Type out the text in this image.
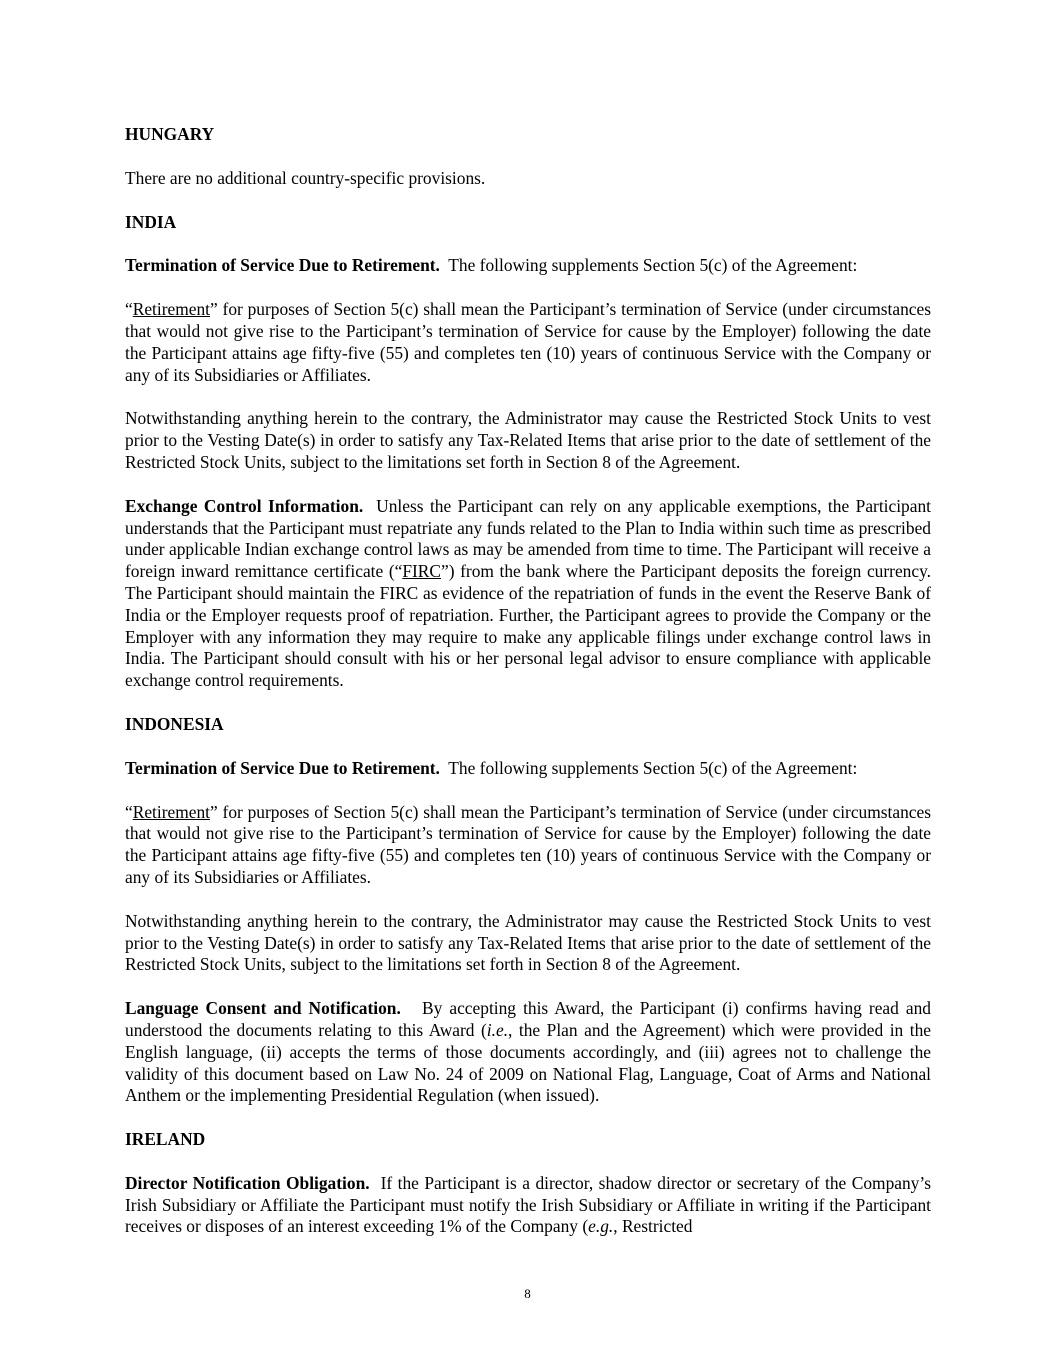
HUNGARY

There are no additional country-specific provisions.

INDIA

Termination of Service Due to Retirement. The following supplements Section 5(c) of the Agreement:

“Retirement” for purposes of Section 5(c) shall mean the Participant’s termination of Service (under circumstances that would not give rise to the Participant’s termination of Service for cause by the Employer) following the date the Participant attains age fifty-five (55) and completes ten (10) years of continuous Service with the Company or any of its Subsidiaries or Affiliates.

Notwithstanding anything herein to the contrary, the Administrator may cause the Restricted Stock Units to vest prior to the Vesting Date(s) in order to satisfy any Tax-Related Items that arise prior to the date of settlement of the Restricted Stock Units, subject to the limitations set forth in Section 8 of the Agreement.

Exchange Control Information. Unless the Participant can rely on any applicable exemptions, the Participant understands that the Participant must repatriate any funds related to the Plan to India within such time as prescribed under applicable Indian exchange control laws as may be amended from time to time. The Participant will receive a foreign inward remittance certificate (“FIRC”) from the bank where the Participant deposits the foreign currency. The Participant should maintain the FIRC as evidence of the repatriation of funds in the event the Reserve Bank of India or the Employer requests proof of repatriation. Further, the Participant agrees to provide the Company or the Employer with any information they may require to make any applicable filings under exchange control laws in India. The Participant should consult with his or her personal legal advisor to ensure compliance with applicable exchange control requirements.

INDONESIA

Termination of Service Due to Retirement. The following supplements Section 5(c) of the Agreement:

“Retirement” for purposes of Section 5(c) shall mean the Participant’s termination of Service (under circumstances that would not give rise to the Participant’s termination of Service for cause by the Employer) following the date the Participant attains age fifty-five (55) and completes ten (10) years of continuous Service with the Company or any of its Subsidiaries or Affiliates.

Notwithstanding anything herein to the contrary, the Administrator may cause the Restricted Stock Units to vest prior to the Vesting Date(s) in order to satisfy any Tax-Related Items that arise prior to the date of settlement of the Restricted Stock Units, subject to the limitations set forth in Section 8 of the Agreement.

Language Consent and Notification. By accepting this Award, the Participant (i) confirms having read and understood the documents relating to this Award (i.e., the Plan and the Agreement) which were provided in the English language, (ii) accepts the terms of those documents accordingly, and (iii) agrees not to challenge the validity of this document based on Law No. 24 of 2009 on National Flag, Language, Coat of Arms and National Anthem or the implementing Presidential Regulation (when issued).

IRELAND

Director Notification Obligation. If the Participant is a director, shadow director or secretary of the Company’s Irish Subsidiary or Affiliate the Participant must notify the Irish Subsidiary or Affiliate in writing if the Participant receives or disposes of an interest exceeding 1% of the Company (e.g., Restricted

8
